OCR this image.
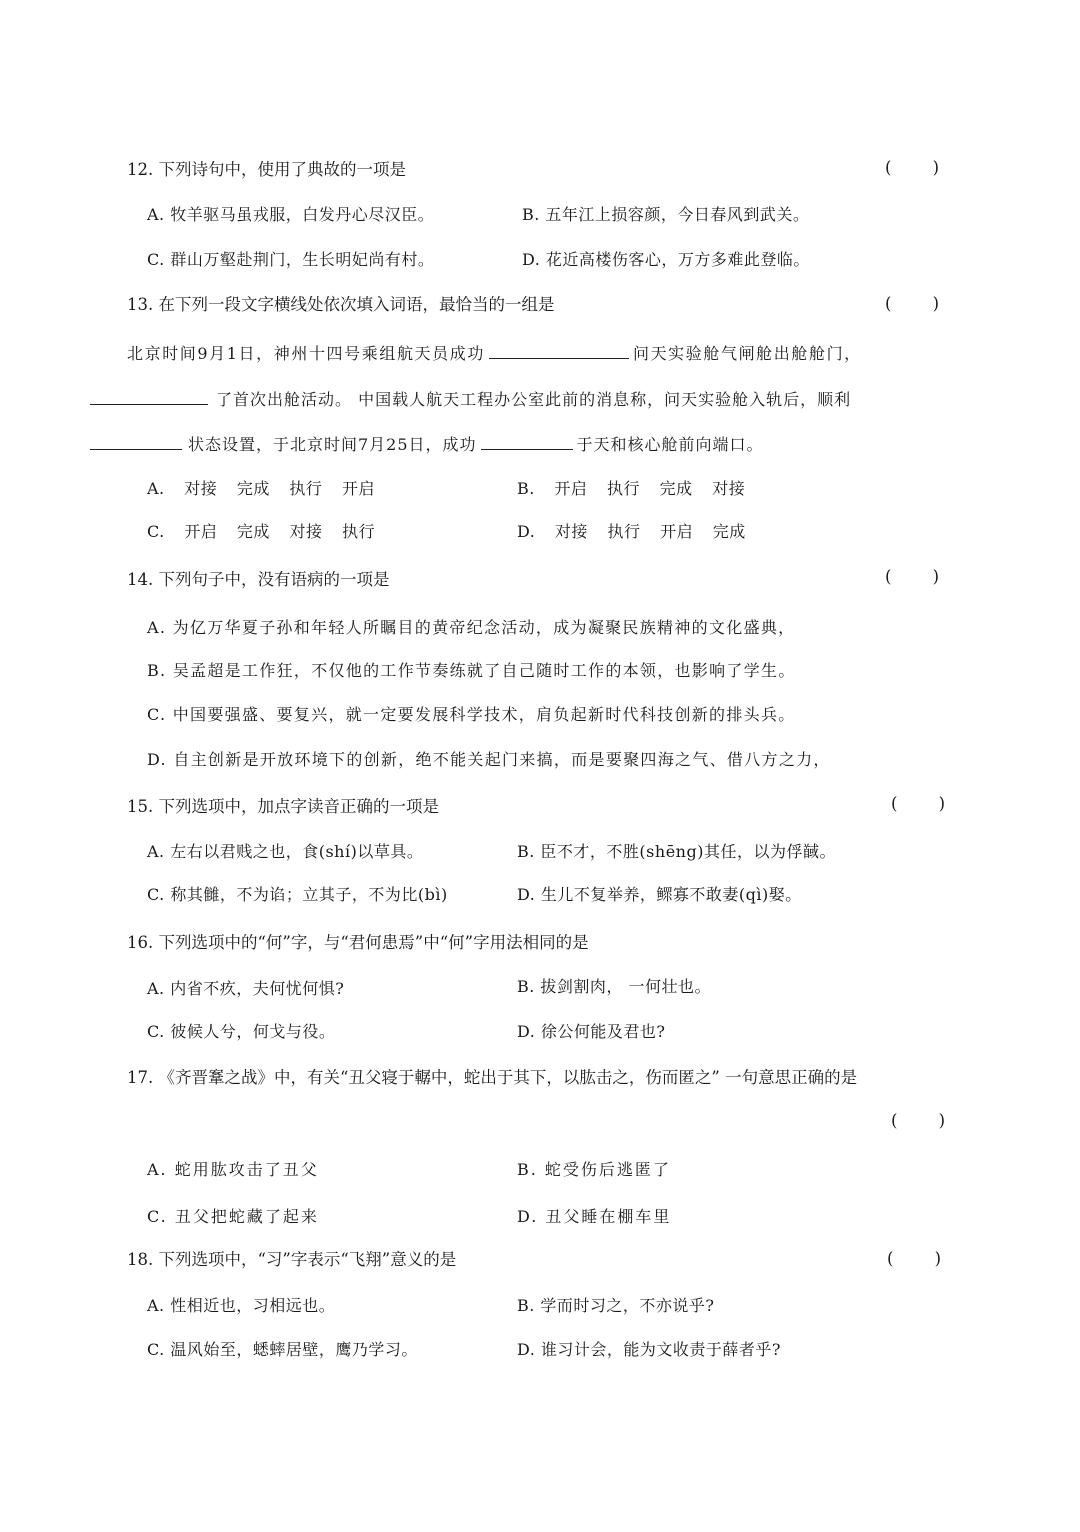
12. 下列诗句中，使用了典故的一项是	( )
A. 牧羊驱马虽戎服，白发丹心尽汉臣。	B. 五年江上损容颜，今日春风到武关。
C. 群山万壑赴荆门，生长明妃尚有村。	D. 花近高楼伤客心，万方多难此登临。
13. 在下列一段文字横线处依次填入词语，最恰当的一组是	( )
北京时间9月1日，神州十四号乘组航天员成功	问天实验舱气闸舱出舱舱门，
了首次出舱活动。 中国载人航天工程办公室此前的消息称，问天实验舱入轨后，顺利
状态设置，于北京时间7月25日，成功	于天和核心舱前向端口。
A. 对接 完成 执行 开启	B. 开启 执行 完成 对接
C. 开启 完成 对接 执行	D. 对接 执行 开启 完成
14. 下列句子中，没有语病的一项是	( )
A. 为亿万华夏子孙和年轻人所瞩目的黄帝纪念活动，成为凝聚民族精神的文化盛典，
B. 吴孟超是工作狂，不仅他的工作节奏练就了自己随时工作的本领，也影响了学生。
C. 中国要强盛、要复兴，就一定要发展科学技术，肩负起新时代科技创新的排头兵。
D. 自主创新是开放环境下的创新，绝不能关起门来搞，而是要聚四海之气、借八方之力，
15. 下列选项中，加点字读音正确的一项是	( )
A. 左右以君贱之也，食(shí)以草具。	B. 臣不才，不胜(shēng)其任，以为俘馘。
C. 称其雠，不为谄；立其子，不为比(bì)	D. 生儿不复举养，鳏寡不敢妻(qì)娶。
16. 下列选项中的“何”字，与“君何患焉”中“何”字用法相同的是
A. 内省不疚，夫何忧何惧?	B. 拔剑割肉， 一何壮也。
C. 彼候人兮，何戈与役。	D. 徐公何能及君也?
17. 《齐晋鞌之战》中，有关“丑父寝于轏中，蛇出于其下，以肱击之，伤而匿之” 一句意思正确的是
( )
A. 蛇用肱攻击了丑父	B. 蛇受伤后逃匿了
C. 丑父把蛇藏了起来	D. 丑父睡在棚车里
18. 下列选项中，“习”字表示“飞翔”意义的是	( )
A. 性相近也，习相远也。	B. 学而时习之，不亦说乎?
C. 温风始至，蟋蟀居壁，鹰乃学习。	D. 谁习计会，能为文收责于薛者乎?
